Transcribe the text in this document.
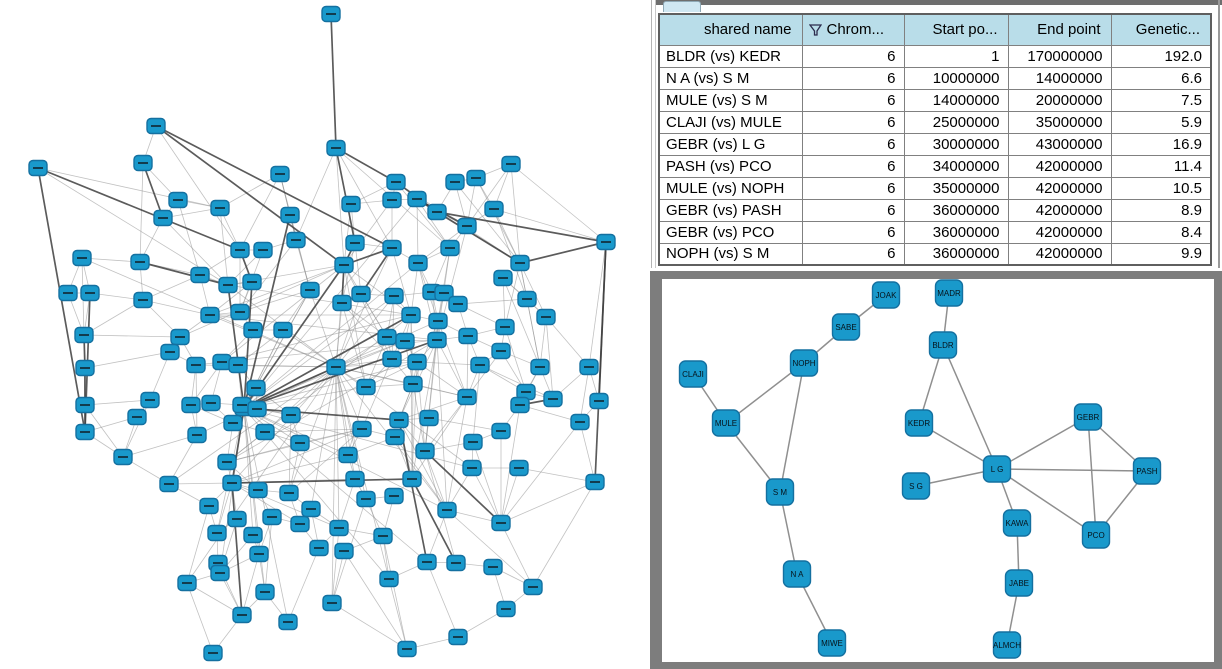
shared name	Chrom...	Start po...	End point	Genetic...
BLDR (vs) KEDR	6	1	170000000	192.0
N A (vs) S M	6	10000000	14000000	6.6
MULE (vs) S M	6	14000000	20000000	7.5
CLAJI (vs) MULE	6	25000000	35000000	5.9
GEBR (vs) L G	6	30000000	43000000	16.9
PASH (vs) PCO	6	34000000	42000000	11.4
MULE (vs) NOPH	6	35000000	42000000	10.5
GEBR (vs) PASH	6	36000000	42000000	8.9
GEBR (vs) PCO	6	36000000	42000000	8.4
NOPH (vs) S M	6	36000000	42000000	9.9
JOAK
SABE
NOPH
CLAJI
MULE
S M
N A
MIWE
MADR
BLDR
KEDR
L G
S G
GEBR
PASH
PCO
KAWA
JABE
ALMCH
